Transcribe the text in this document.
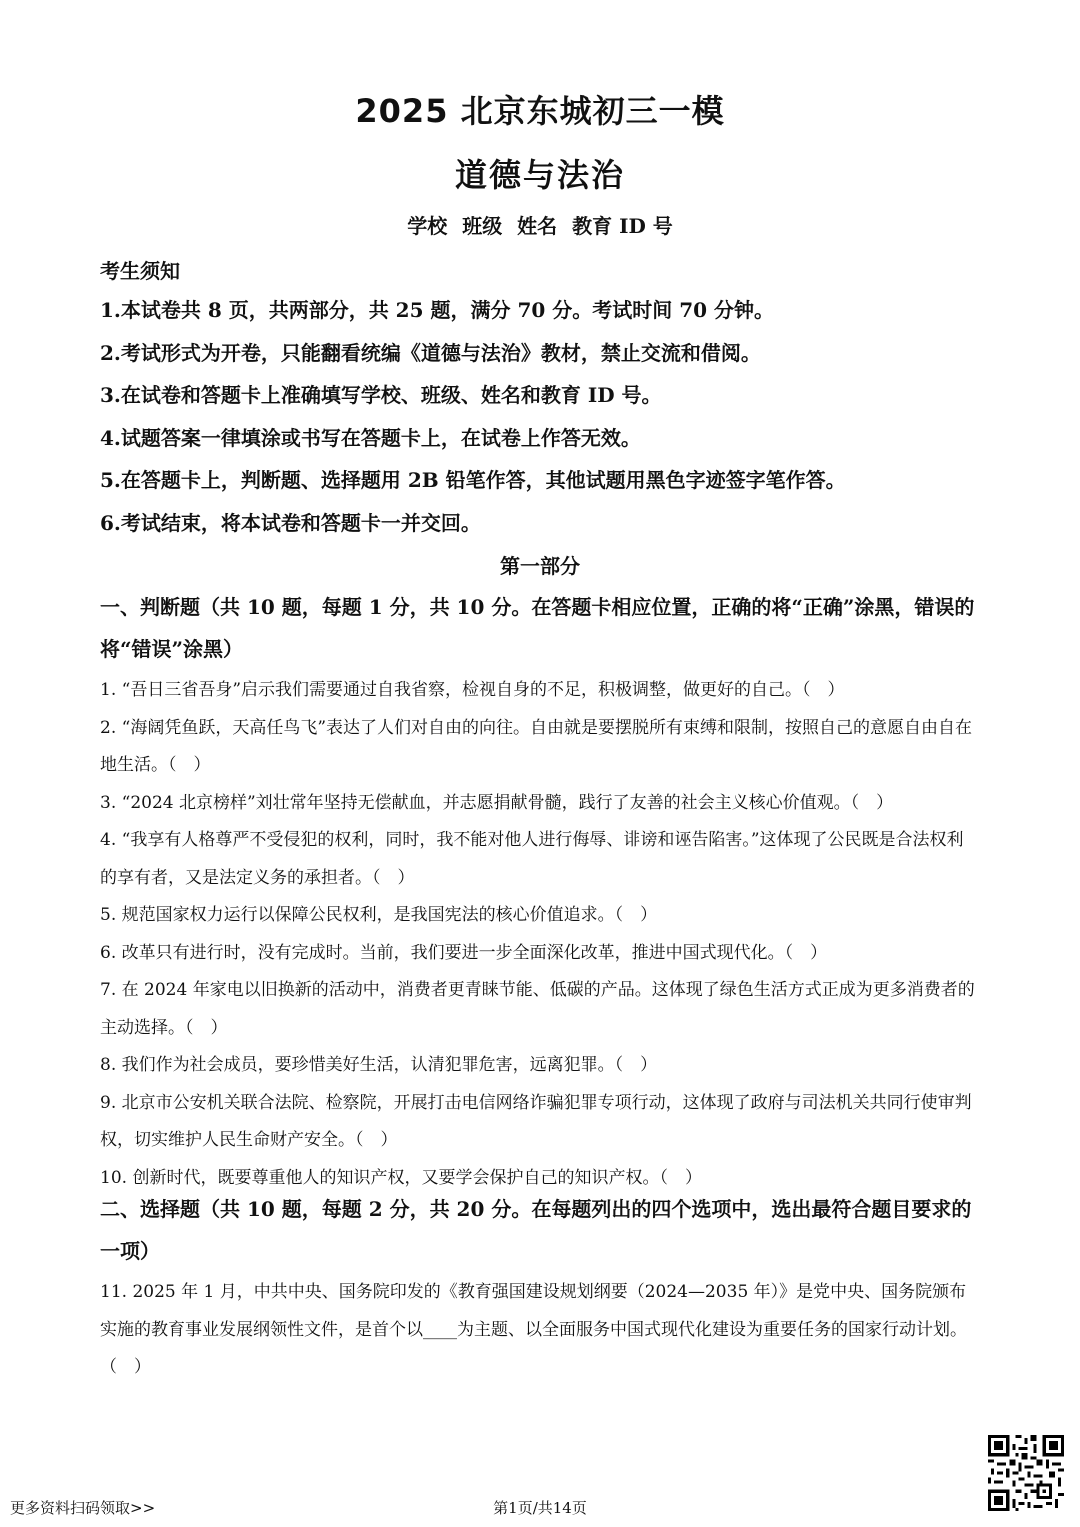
2025 北京东城初三一模
道德与法治
学校 班级 姓名 教育 ID 号
考生须知
1.本试卷共 8 页，共两部分，共 25 题，满分 70 分。考试时间 70 分钟。
2.考试形式为开卷，只能翻看统编《道德与法治》教材，禁止交流和借阅。
3.在试卷和答题卡上准确填写学校、班级、姓名和教育 ID 号。
4.试题答案一律填涂或书写在答题卡上，在试卷上作答无效。
5.在答题卡上，判断题、选择题用 2B 铅笔作答，其他试题用黑色字迹签字笔作答。
6.考试结束，将本试卷和答题卡一并交回。
第一部分
一、判断题（共 10 题，每题 1 分，共 10 分。在答题卡相应位置，正确的将“正确”涂黑，错误的将“错误”涂黑）

1. “吾日三省吾身”启示我们需要通过自我省察，检视自身的不足，积极调整，做更好的自己。（　）

2. “海阔凭鱼跃，天高任鸟飞”表达了人们对自由的向往。自由就是要摆脱所有束缚和限制，按照自己的意愿自由自在地生活。（　）

3. “2024 北京榜样”刘壮常年坚持无偿献血，并志愿捐献骨髓，践行了友善的社会主义核心价值观。（　）

4. “我享有人格尊严不受侵犯的权利，同时，我不能对他人进行侮辱、诽谤和诬告陷害。”这体现了公民既是合法权利的享有者，又是法定义务的承担者。（　）

5. 规范国家权力运行以保障公民权利，是我国宪法的核心价值追求。（　）

6. 改革只有进行时，没有完成时。当前，我们要进一步全面深化改革，推进中国式现代化。（　）

7. 在 2024 年家电以旧换新的活动中，消费者更青睐节能、低碳的产品。这体现了绿色生活方式正成为更多消费者的主动选择。（　）

8. 我们作为社会成员，要珍惜美好生活，认清犯罪危害，远离犯罪。（　）

9. 北京市公安机关联合法院、检察院，开展打击电信网络诈骗犯罪专项行动，这体现了政府与司法机关共同行使审判权，切实维护人民生命财产安全。（　）

10. 创新时代，既要尊重他人的知识产权，又要学会保护自己的知识产权。（　）

二、选择题（共 10 题，每题 2 分，共 20 分。在每题列出的四个选项中，选出最符合题目要求的一项）

11. 2025 年 1 月，中共中央、国务院印发的《教育强国建设规划纲要（2024—2035 年）》是党中央、国务院颁布实施的教育事业发展纲领性文件，是首个以____为主题、以全面服务中国式现代化建设为重要任务的国家行动计划。（　）

更多资料扫码领取>>	第1页/共14页
